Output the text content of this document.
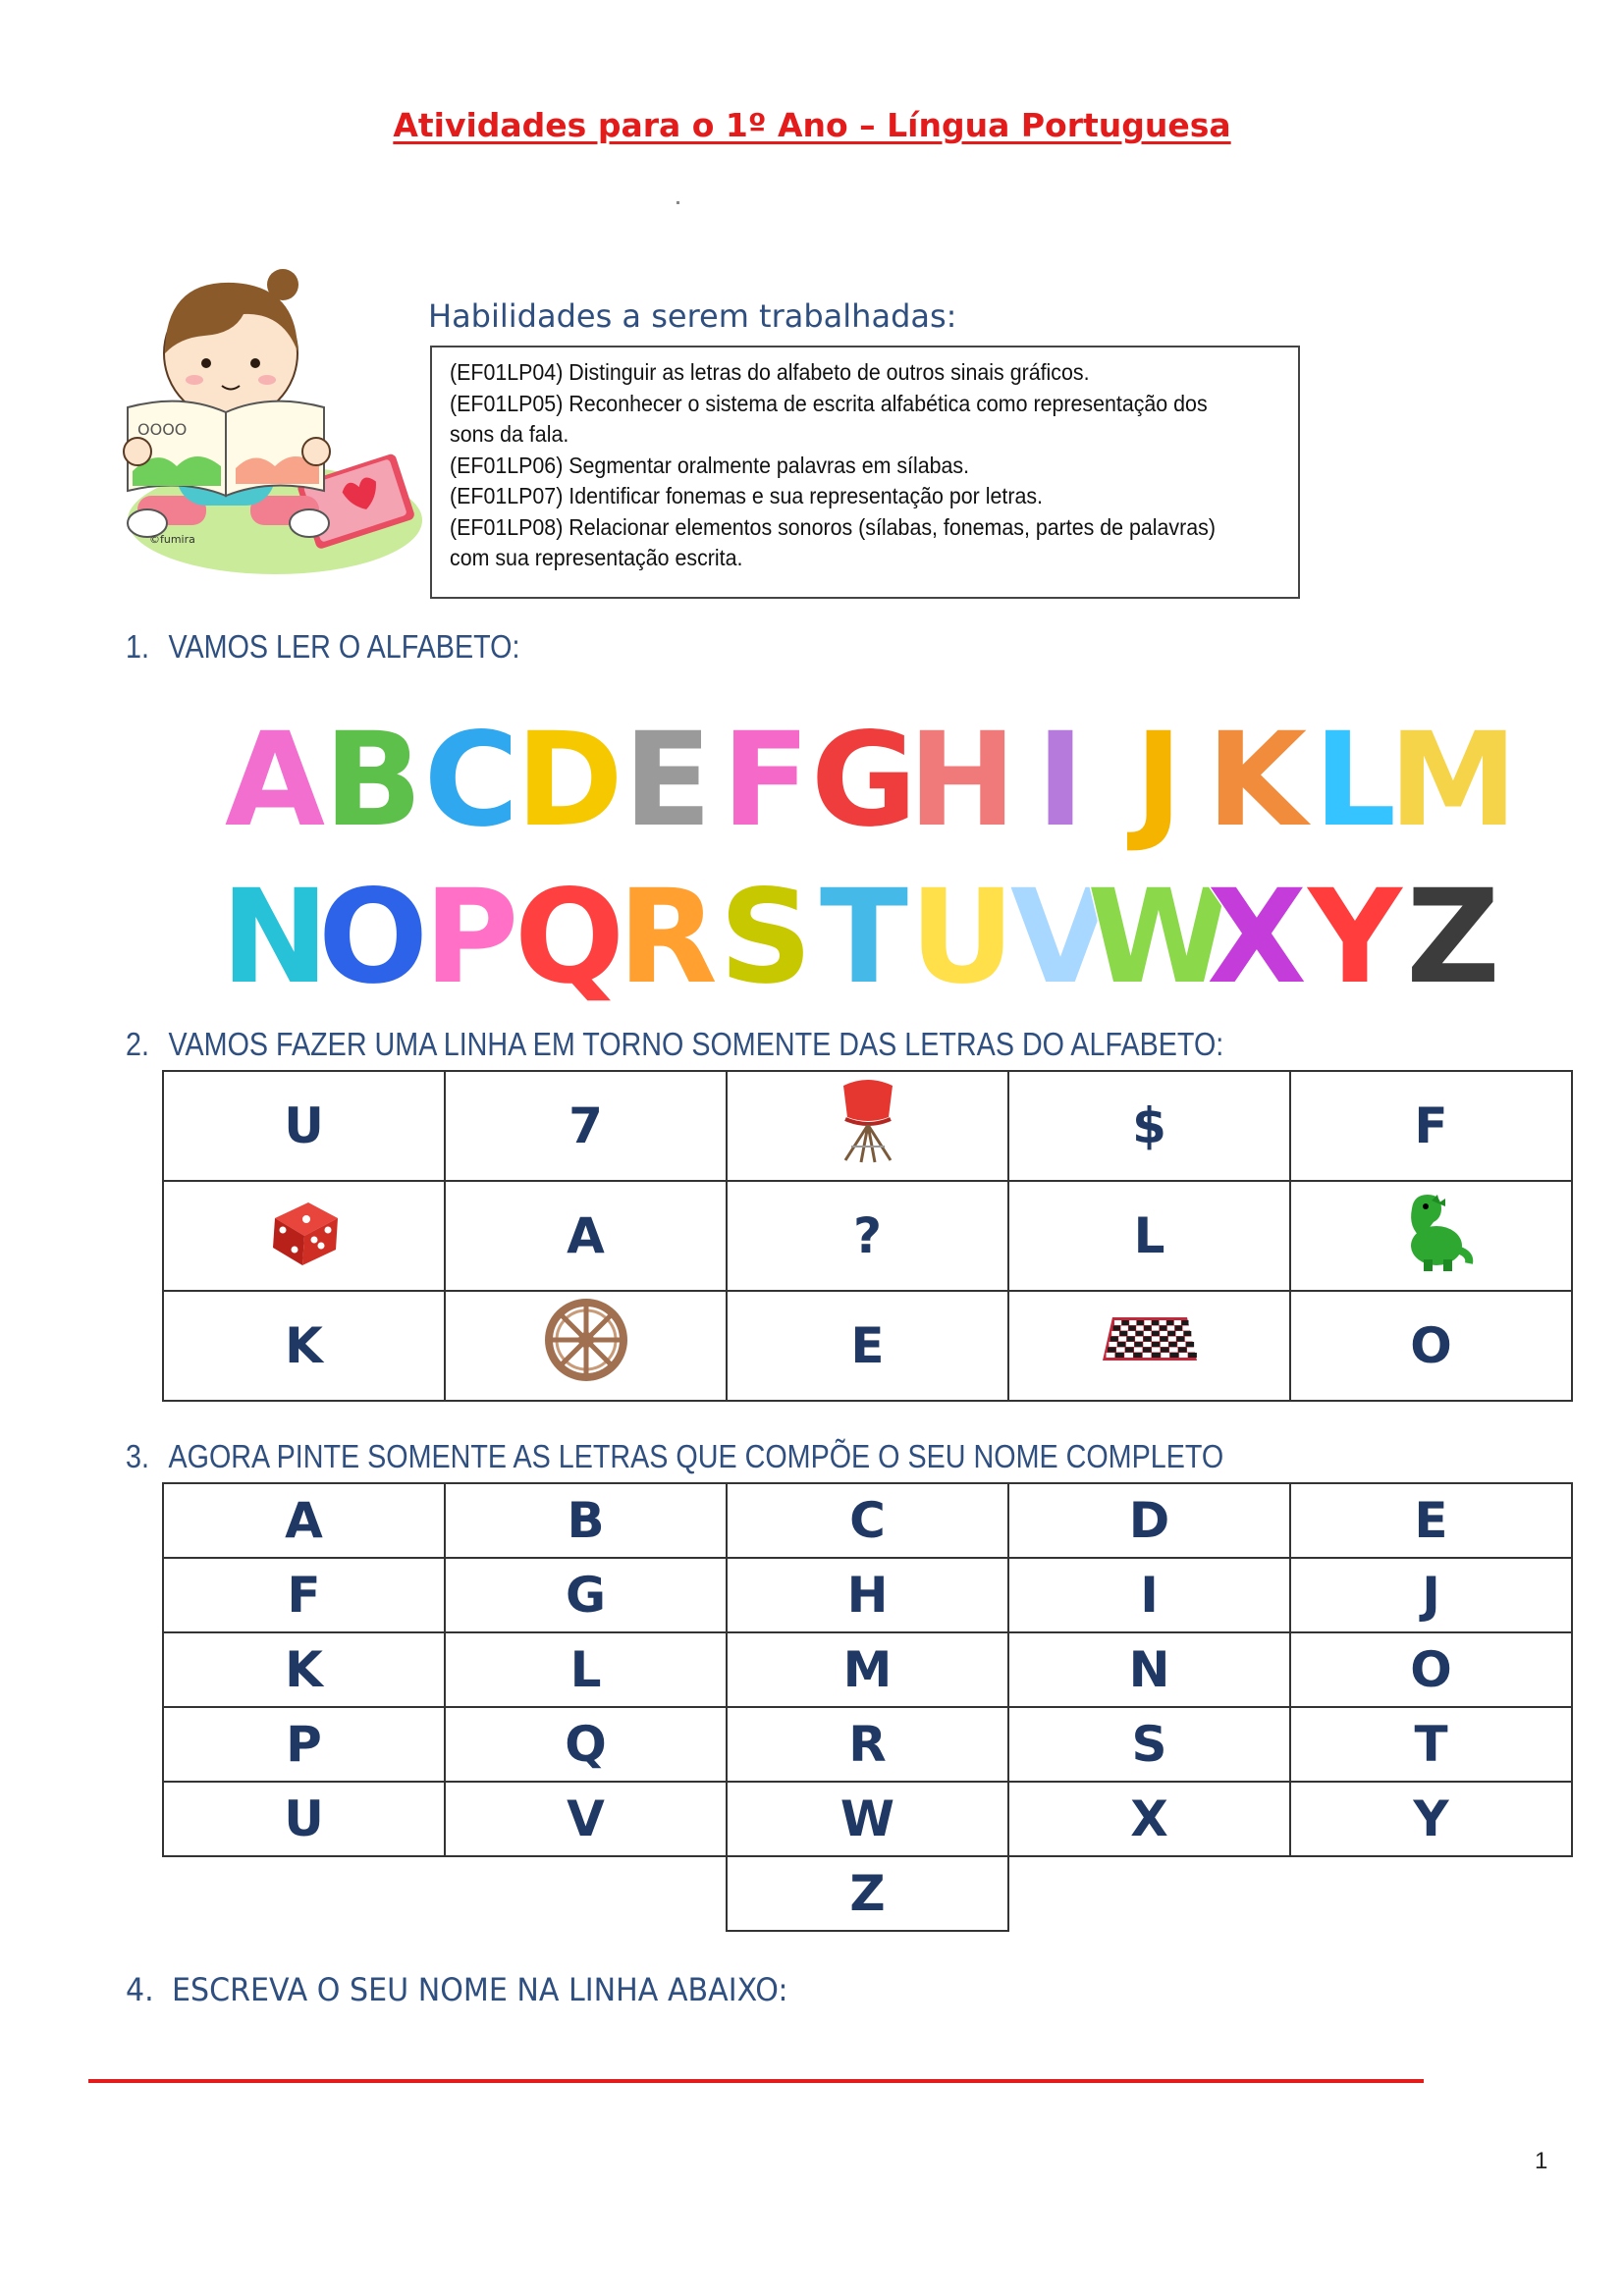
Atividades para o 1º Ano – Língua Portuguesa
OOOO
©fumira
Habilidades a serem trabalhadas:
(EF01LP04) Distinguir as letras do alfabeto de outros sinais gráficos.
(EF01LP05) Reconhecer o sistema de escrita alfabética como representação dos
sons da fala.
(EF01LP06) Segmentar oralmente palavras em sílabas.
(EF01LP07) Identificar fonemas e sua representação por letras.
(EF01LP08) Relacionar elementos sonoros (sílabas, fonemas, partes de palavras)
com sua representação escrita.
1. VAMOS LER O ALFABETO:
A
B C
D E F G
H I J K L
M
N
O
P
Q
R S T U
V
W
X Y Z
2. VAMOS FAZER UMA LINHA EM TORNO SOMENTE DAS LETRAS DO ALFABETO:
U	7		$	F
	A	?	L	
K		E		O
3. AGORA PINTE SOMENTE AS LETRAS QUE COMPÕE O SEU NOME COMPLETO
A	B	C	D	E
F	G	H	I	J
K	L	M	N	O
P	Q	R	S	T
U	V	W	X	Y
		Z		
4. ESCREVA O SEU NOME NA LINHA ABAIXO:
1
